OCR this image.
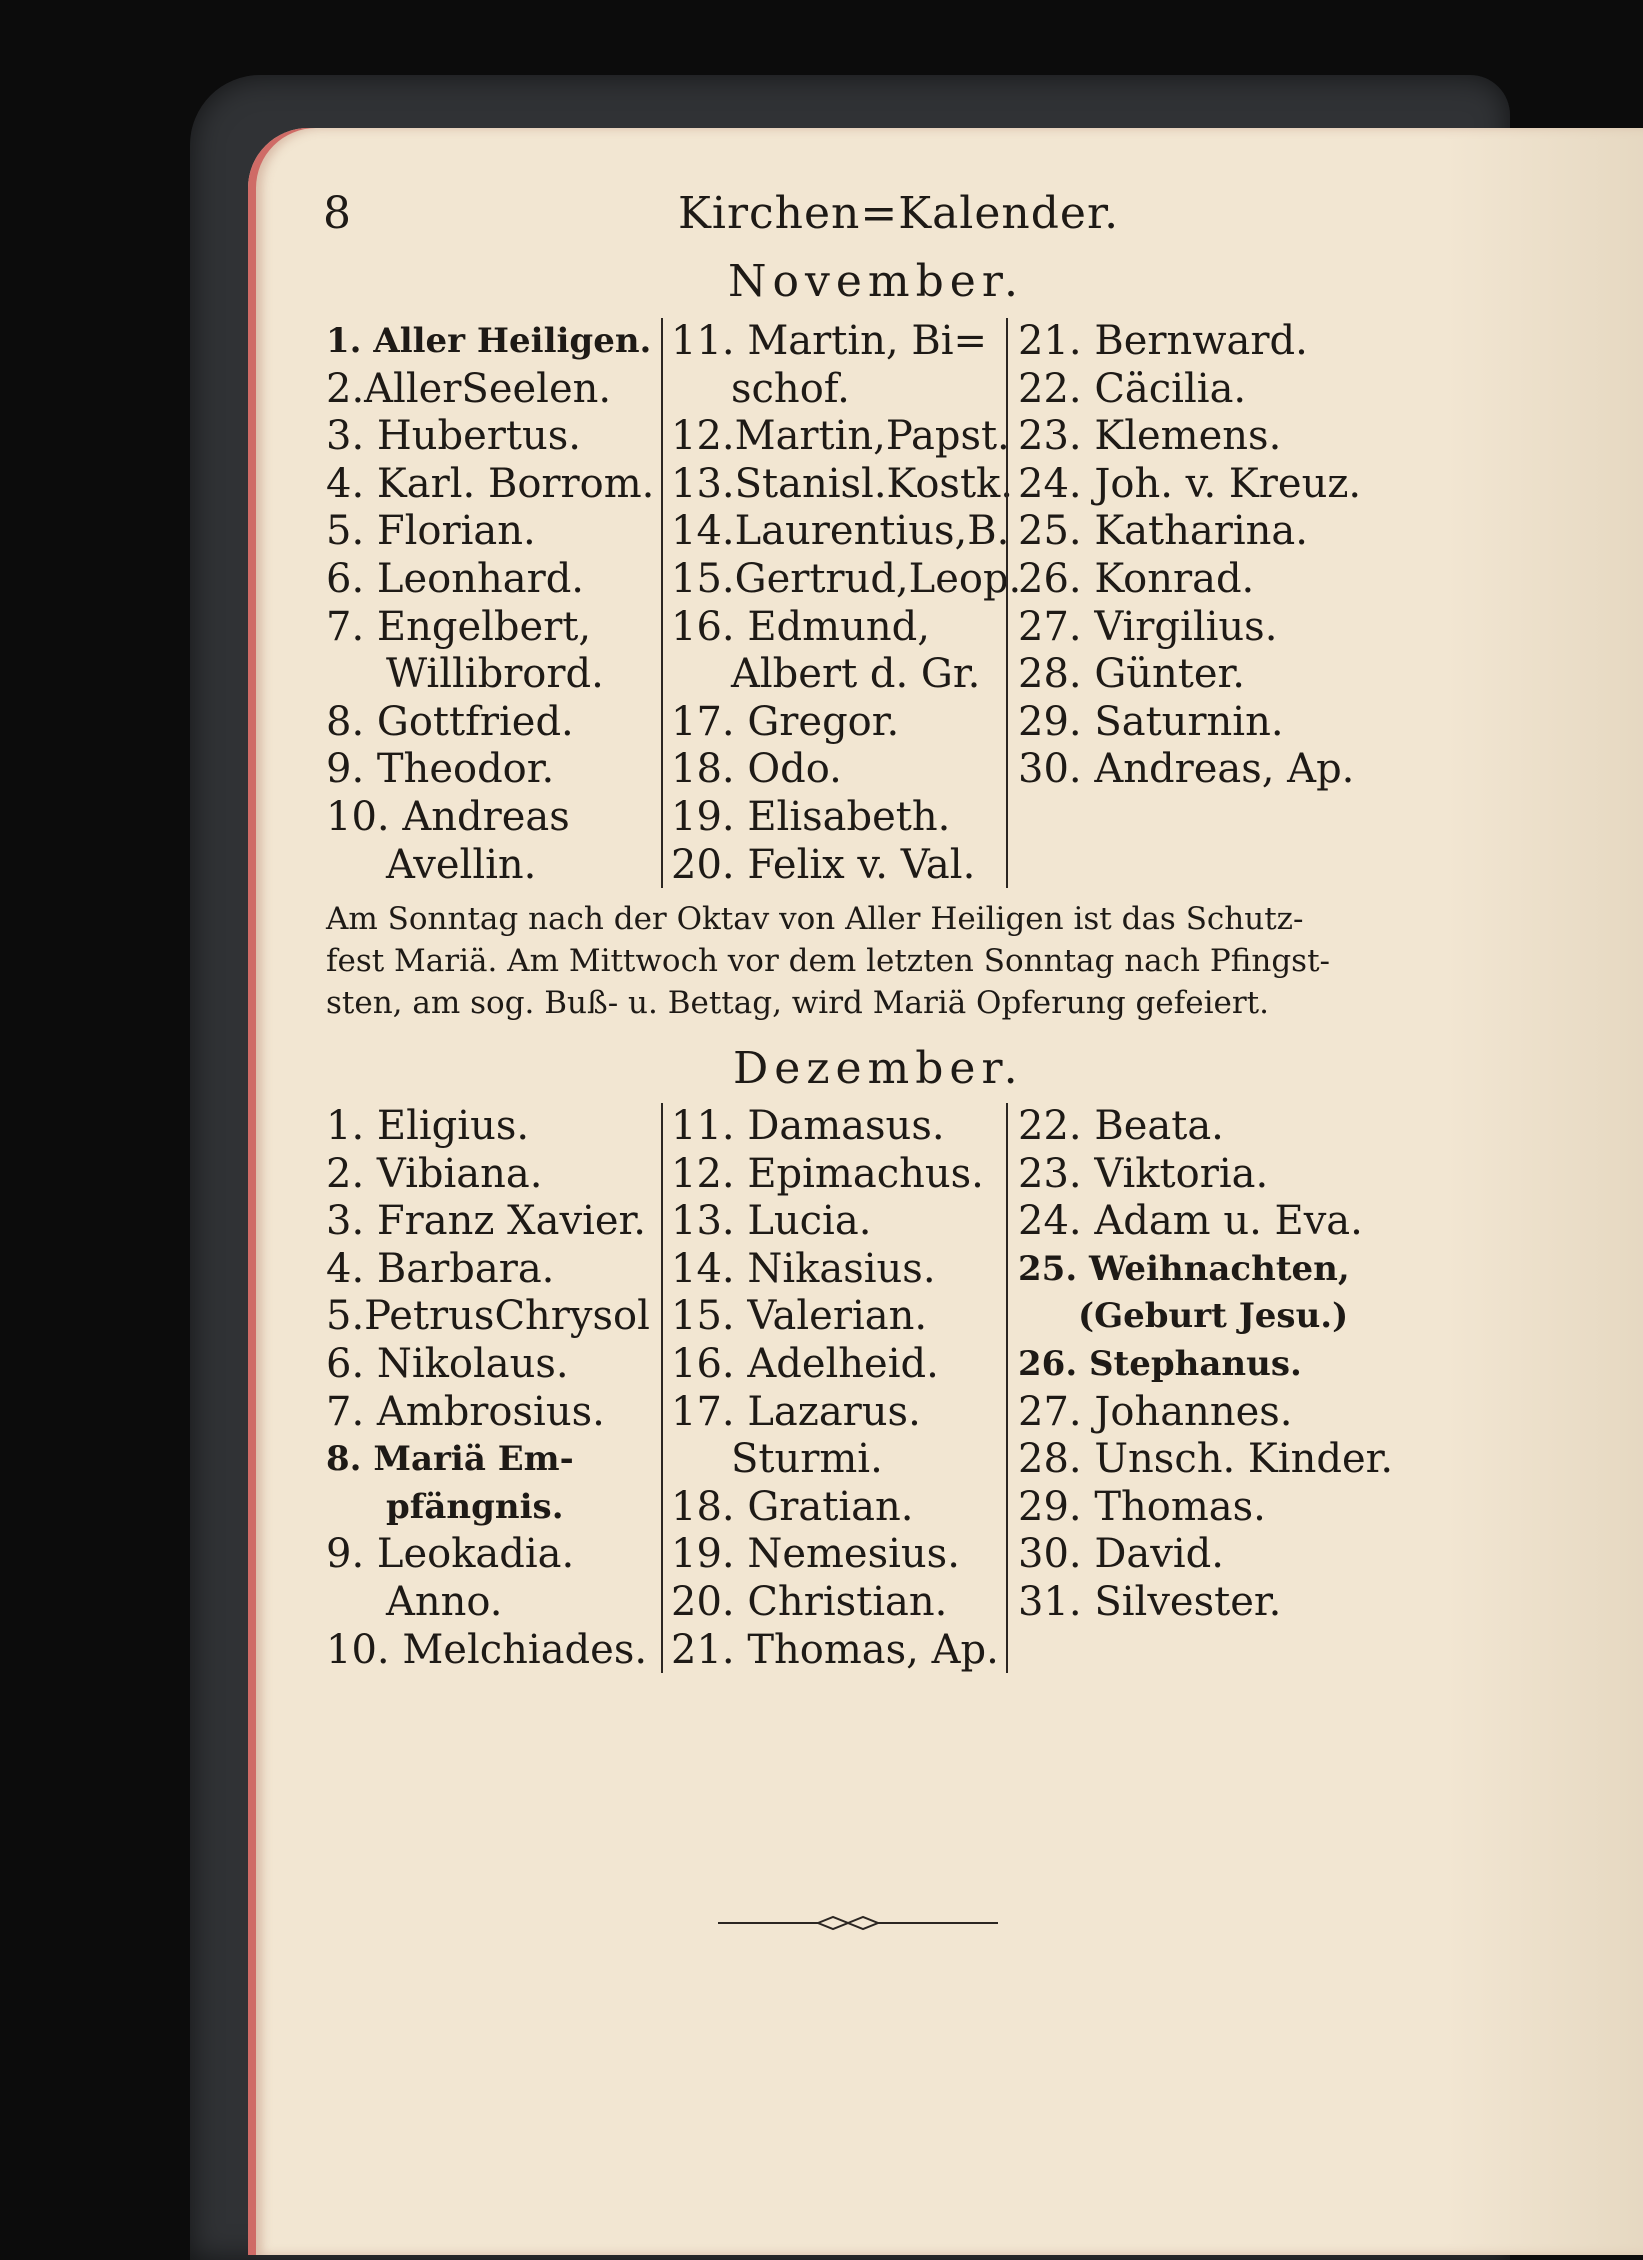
8	Kirchen=Kalender.
November.
1. Aller Heiligen.
2.AllerSeelen.
3. Hubertus.
4. Karl. Borrom.
5. Florian.
6. Leonhard.
7. Engelbert,
Willibrord.
8. Gottfried.
9. Theodor.
10. Andreas
Avellin.
11. Martin, Bi=
schof.
12.Martin,Papst.
13.Stanisl.Kostk.
14.Laurentius,B.
15.Gertrud,Leop.
16. Edmund,
Albert d. Gr.
17. Gregor.
18. Odo.
19. Elisabeth.
20. Felix v. Val.
21. Bernward.
22. Cäcilia.
23. Klemens.
24. Joh. v. Kreuz.
25. Katharina.
26. Konrad.
27. Virgilius.
28. Günter.
29. Saturnin.
30. Andreas, Ap.
Am Sonntag nach der Oktav von Aller Heiligen ist das Schutz-
fest Mariä. Am Mittwoch vor dem letzten Sonntag nach Pfingst-
sten, am sog. Buß- u. Bettag, wird Mariä Opferung gefeiert.
Dezember.
1. Eligius.
2. Vibiana.
3. Franz Xavier.
4. Barbara.
5.PetrusChrysol
6. Nikolaus.
7. Ambrosius.
8. Mariä Em-
pfängnis.
9. Leokadia.
Anno.
10. Melchiades.
11. Damasus.
12. Epimachus.
13. Lucia.
14. Nikasius.
15. Valerian.
16. Adelheid.
17. Lazarus.
Sturmi.
18. Gratian.
19. Nemesius.
20. Christian.
21. Thomas, Ap.
22. Beata.
23. Viktoria.
24. Adam u. Eva.
25. Weihnachten,
(Geburt Jesu.)
26. Stephanus.
27. Johannes.
28. Unsch. Kinder.
29. Thomas.
30. David.
31. Silvester.
